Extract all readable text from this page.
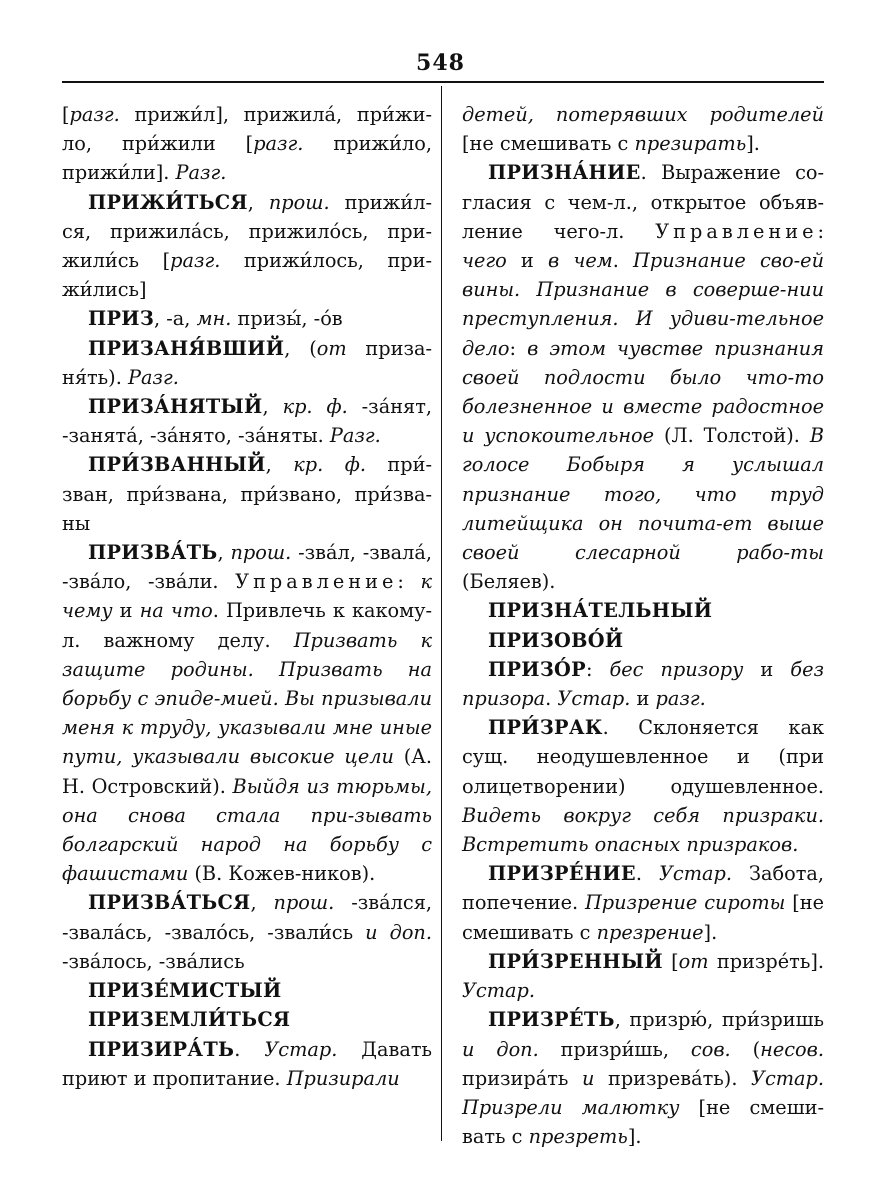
548

[разг. прижи́л], прижила́, при́жи-ло, при́жили [разг. прижи́ло, прижи́ли]. Разг.

ПРИЖИ́ТЬСЯ, прош. прижи́л-ся, прижила́сь, прижило́сь, при-жили́сь [разг. прижи́лось, при-жи́лись]

ПРИЗ, -а, мн. призы́, -о́в

ПРИЗАНЯ́ВШИЙ, (от приза-ня́ть). Разг.

ПРИЗА́НЯТЫЙ, кр. ф. -за́нят, -занята́, -за́нято, -за́няты. Разг.

ПРИ́ЗВАННЫЙ, кр. ф. при́-зван, при́звана, при́звано, при́зва-ны

ПРИЗВА́ТЬ, прош. -зва́л, -звала́, -зва́ло, -зва́ли. Управление: к чему и на что. Привлечь к какому-л. важному делу. Призвать к защите родины. Призвать на борьбу с эпиде-мией. Вы призывали меня к труду, указывали мне иные пути, указывали высокие цели (А. Н. Островский). Выйдя из тюрьмы, она снова стала при-зывать болгарский народ на борьбу с фашистами (В. Кожев-ников).

ПРИЗВА́ТЬСЯ, прош. -зва́лся, -звала́сь, -звало́сь, -звали́сь и доп. -зва́лось, -зва́лись

ПРИЗЕ́МИСТЫЙ

ПРИЗЕМЛИ́ТЬСЯ

ПРИЗИРА́ТЬ. Устар. Давать приют и пропитание. Призирали

детей, потерявших родителей [не смешивать с презирать].

ПРИЗНА́НИЕ. Выражение со-гласия с чем-л., открытое объяв-ление чего-л. Управление: чего и в чем. Признание сво-ей вины. Признание в соверше-нии преступления. И удиви-тельное дело: в этом чувстве признания своей подлости было что-то болезненное и вместе радостное и успокоительное (Л. Толстой). В голосе Бобыря я услышал признание того, что труд литейщика он почита-ет выше своей слесарной рабо-ты (Беляев).

ПРИЗНА́ТЕЛЬНЫЙ

ПРИЗОВО́Й

ПРИЗО́Р: бес призору и без призора. Устар. и разг.

ПРИ́ЗРАК. Склоняется как сущ. неодушевленное и (при олицетворении) одушевленное. Видеть вокруг себя призраки. Встретить опасных призраков.

ПРИЗРЕ́НИЕ. Устар. Забота, попечение. Призрение сироты [не смешивать с презрение].

ПРИ́ЗРЕННЫЙ [от призре́ть]. Устар.

ПРИЗРЕ́ТЬ, призрю́, при́зришь и доп. призри́шь, сов. (несов. призира́ть и призрева́ть). Устар. Призрели малютку [не смеши-вать с презреть].
